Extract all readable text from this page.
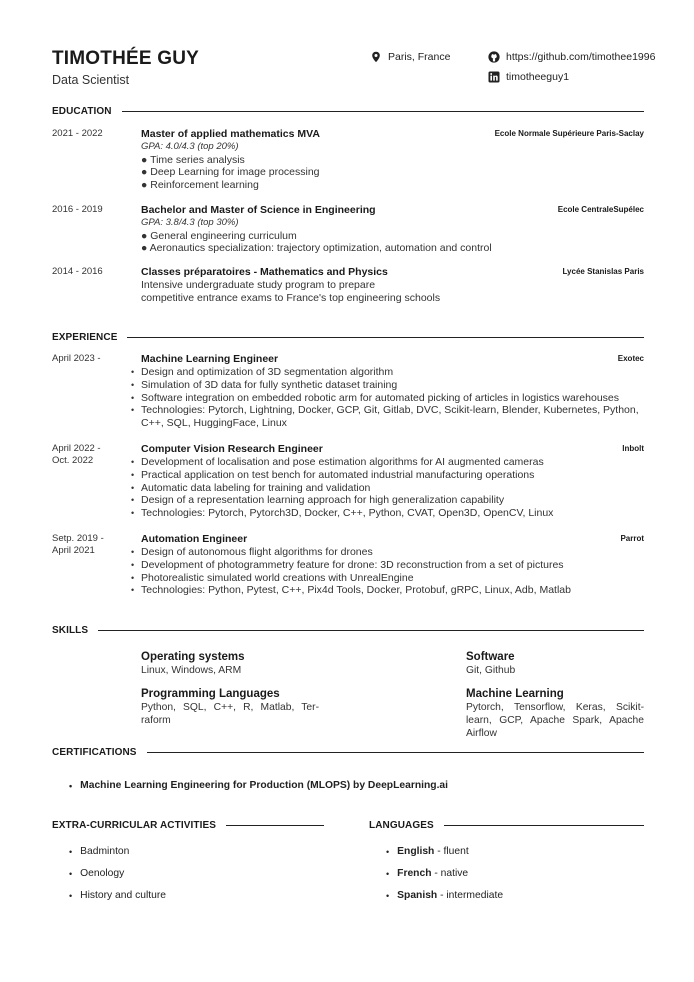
TIMOTHÉE GUY
Data Scientist
Paris, France	https://github.com/timothee1996
timotheeguy1
EDUCATION
2021 - 2022	Master of applied mathematics MVA	Ecole Normale Supérieure Paris-Saclay
GPA: 4.0/4.3 (top 20%)
● Time series analysis
● Deep Learning for image processing
● Reinforcement learning
2016 - 2019	Bachelor and Master of Science in Engineering	Ecole CentraleSupélec
GPA: 3.8/4.3 (top 30%)
● General engineering curriculum
● Aeronautics specialization: trajectory optimization, automation and control
2014 - 2016	Classes préparatoires - Mathematics and Physics	Lycée Stanislas Paris
Intensive undergraduate study program to prepare
competitive entrance exams to France's top engineering schools
EXPERIENCE
April 2023 -	Machine Learning Engineer	Exotec
• Design and optimization of 3D segmentation algorithm
• Simulation of 3D data for fully synthetic dataset training
• Software integration on embedded robotic arm for automated picking of articles in logistics warehouses
• Technologies: Pytorch, Lightning, Docker, GCP, Git, Gitlab, DVC, Scikit-learn, Blender, Kubernetes, Python,
C++, SQL, HuggingFace, Linux
April 2022 -
Oct. 2022
Computer Vision Research Engineer	Inbolt
• Development of localisation and pose estimation algorithms for AI augmented cameras
• Practical application on test bench for automated industrial manufacturing operations
• Automatic data labeling for training and validation
• Design of a representation learning approach for high generalization capability
• Technologies: Pytorch, Pytorch3D, Docker, C++, Python, CVAT, Open3D, OpenCV, Linux
Setp. 2019 -
April 2021
Automation Engineer	Parrot
• Design of autonomous flight algorithms for drones
• Development of photogrammetry feature for drone: 3D reconstruction from a set of pictures
• Photorealistic simulated world creations with UnrealEngine
• Technologies: Python, Pytest, C++, Pix4d Tools, Docker, Protobuf, gRPC, Linux, Adb, Matlab
SKILLS
Operating systems
Linux, Windows, ARM
Software
Git, Github
Programming Languages
Python, SQL, C++, R, Matlab, Ter-raform
Machine Learning
Pytorch, Tensorflow, Keras, Scikit-learn, GCP, Apache Spark, Apache Airflow
CERTIFICATIONS
• Machine Learning Engineering for Production (MLOPS) by DeepLearning.ai
EXTRA-CURRICULAR ACTIVITIES
• Badminton
• Oenology
• History and culture
LANGUAGES
• English
- fluent
• French
- native
• Spanish
- intermediate
